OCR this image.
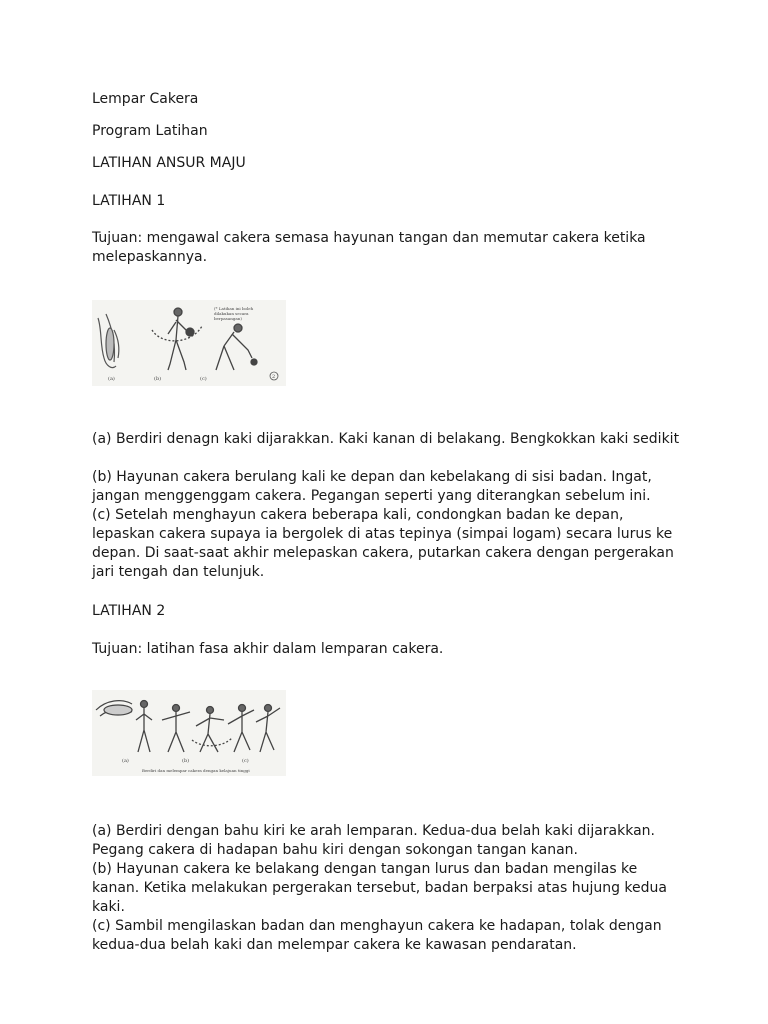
Lempar Cakera

Program Latihan

LATIHAN ANSUR MAJU

LATIHAN 1

Tujuan: mengawal cakera semasa hayunan tangan dan memutar cakera ketika melepaskannya.

(* Latihan ini boleh
dilakukan secara
berpasangan)
(a)	(b)	(c)	2

(a) Berdiri denagn kaki dijarakkan. Kaki kanan di belakang. Bengkokkan kaki sedikit

(b) Hayunan cakera berulang kali ke depan dan kebelakang di sisi badan. Ingat, jangan menggenggam cakera. Pegangan seperti yang diterangkan sebelum ini.

(c) Setelah menghayun cakera beberapa kali, condongkan badan ke depan, lepaskan cakera supaya ia bergolek di atas tepinya (simpai logam) secara lurus ke depan. Di saat-saat akhir melepaskan cakera, putarkan cakera dengan pergerakan jari tengah dan telunjuk.

LATIHAN 2

Tujuan: latihan fasa akhir dalam lemparan cakera.

(a)	(b)	(c)
Berdiri dan melempar cakera dengan kelajuan tinggi

(a) Berdiri dengan bahu kiri ke arah lemparan. Kedua-dua belah kaki dijarakkan. Pegang cakera di hadapan bahu kiri dengan sokongan tangan kanan.

(b) Hayunan cakera ke belakang dengan tangan lurus dan badan mengilas ke kanan. Ketika melakukan pergerakan tersebut, badan berpaksi atas hujung kedua kaki.

(c) Sambil mengilaskan badan dan menghayun cakera ke hadapan, tolak dengan kedua-dua belah kaki dan melempar cakera ke kawasan pendaratan.
